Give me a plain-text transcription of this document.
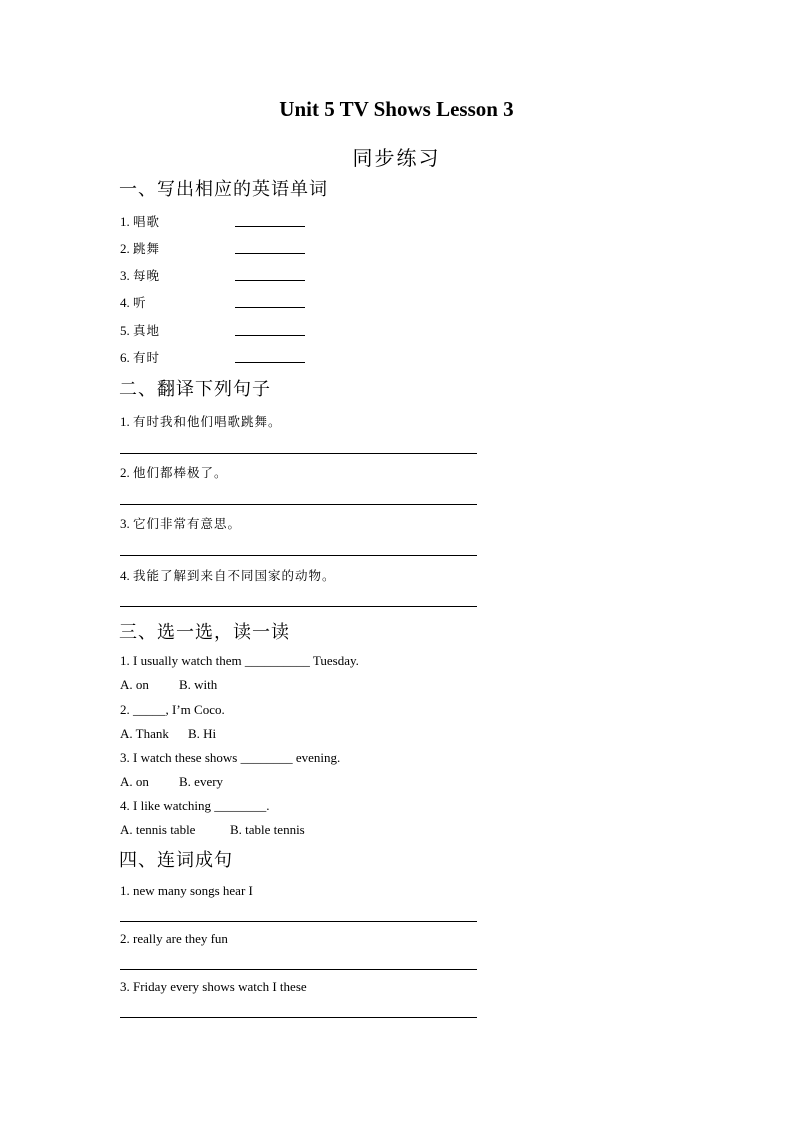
Unit 5 TV Shows Lesson 3
同步练习
一、写出相应的英语单词
1. 唱歌
2. 跳舞
3. 每晚
4. 听
5. 真地
6. 有时
二、翻译下列句子
1. 有时我和他们唱歌跳舞。
2. 他们都棒极了。
3. 它们非常有意思。
4. 我能了解到来自不同国家的动物。
三、选一选，读一读
1. I usually watch them __________ Tuesday.
A. on B. with
2. _____, I’m Coco.
A. Thank B. Hi
3. I watch these shows ________ evening.
A. on B. every
4. I like watching ________.
A. tennis table	B. table tennis
四、连词成句
1. new many songs hear I
2. really are they fun
3. Friday every shows watch I these
